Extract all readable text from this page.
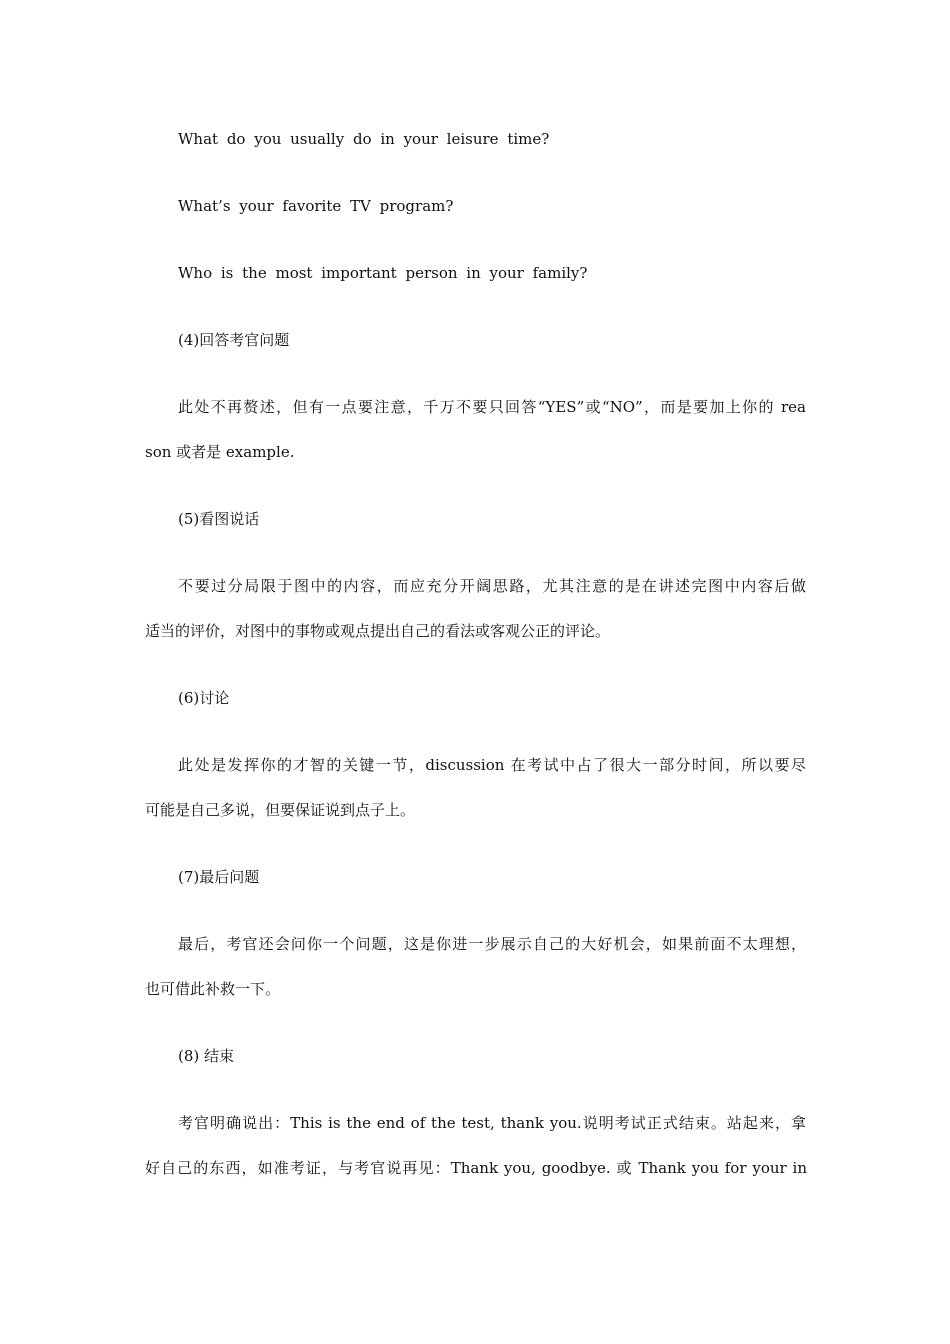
What do you usually do in your leisure time?

What’s your favorite TV program?

Who is the most important person in your family?

(4)回答考官问题

此处不再赘述，但有一点要注意，千万不要只回答“YES”或“NO”，而是要加上你的 rea

son 或者是 example.

(5)看图说话

不要过分局限于图中的内容，而应充分开阔思路，尤其注意的是在讲述完图中内容后做

适当的评价，对图中的事物或观点提出自己的看法或客观公正的评论。

(6)讨论

此处是发挥你的才智的关键一节，discussion 在考试中占了很大一部分时间，所以要尽

可能是自己多说，但要保证说到点子上。

(7)最后问题

最后，考官还会问你一个问题，这是你进一步展示自己的大好机会，如果前面不太理想，

也可借此补救一下。

(8) 结束

考官明确说出：This is the end of the test, thank you.说明考试正式结束。站起来，拿

好自己的东西，如准考证，与考官说再见：Thank you, goodbye. 或 Thank you for your in
